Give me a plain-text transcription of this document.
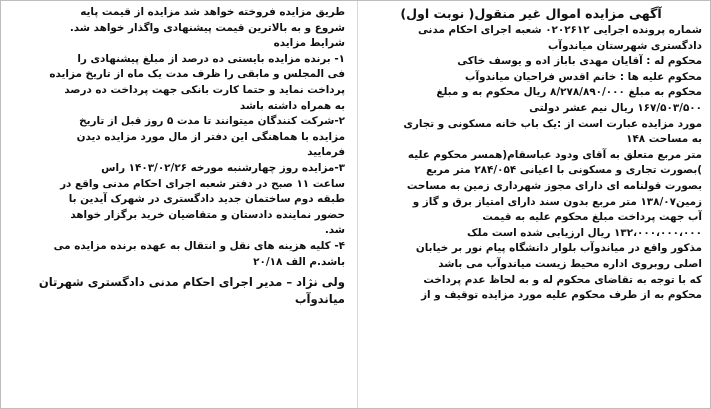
آگهی مزایده اموال غیر منقول( نوبت اول)
شماره پرونده اجرایی ۰۲۰۲۶۱۲ شعبه اجرای احکام مدنی
دادگستری شهرستان میاندوآب
محکوم له : آقایان مهدی باباز اده و یوسف خاکی
محکوم علیه ها : خانم اقدس فراحیان میاندوآب
محکوم به مبلغ ۸/۲۷۸/۸۹۰/۰۰۰ ریال محکوم به و مبلغ
۱۶۷/۵۰۳/۵۰۰ ریال نیم عشر دولتی
مورد مزایده عبارت است از :یک باب خانه مسکونی و تجاری
به مساحت ۱۴۸
متر مربع متعلق به آقای ودود عباسقام(همسر محکوم علیه
)بصورت تجاری و مسکونی با اعیانی ۲۸۴/۰۵۴ متر مربع
بصورت قولنامه ای دارای مجوز شهرداری زمین به مساحت
زمین۱۳۸/۰۷ متر مربع بدون سند دارای امتیاز برق و گاز و
آب جهت پرداخت مبلغ محکوم علیه به قیمت
۱۳۲،۰۰۰،۰۰۰،۰۰۰ ریال ارزیابی شده است ملک
مذکور واقع در میاندوآب بلوار دانشگاه پیام نور بر خیابان
اصلی روبروی اداره محیط زیست میاندوآب می باشد
که با توجه به تقاضای محکوم له و به لحاظ عدم پرداخت
محکوم به از طرف محکوم علیه مورد مزایده توقیف و از
طریق مزایده فروخته خواهد شد مزایده از قیمت پایه
شروع و به بالاترین قیمت پیشنهادی واگذار خواهد شد.
شرایط مزایده
۱- برنده مزایده بایستی ده درصد از مبلغ پیشنهادی را
فی المجلس و مابقی را ظرف مدت یک ماه از تاریخ مزایده
پرداخت نماید و حتما کارت بانکی جهت پرداخت ده درصد
به همراه داشته باشد
۲-شرکت کنندگان میتوانند تا مدت ۵ روز قبل از تاریخ
مزایده با هماهنگی این دفتر از مال مورد مزایده دیدن
فرمایید
۳-مزایده روز چهارشنبه مورخه ۱۴۰۳/۰۲/۲۶ راس
ساعت ۱۱ صبح در دفتر شعبه اجرای احکام مدنی واقع در
طبقه دوم ساختمان جدید دادگستری در شهرک آیدین با
حضور نماینده دادستان و متقاضیان خرید برگزار خواهد
شد.
۴- کلیه هزینه های نقل و انتقال به عهده برنده مزایده می
باشد.م الف ۲۰/۱۸
ولی نژاد – مدیر اجرای احکام مدنی دادگستری شهرتان
میاندوآب
